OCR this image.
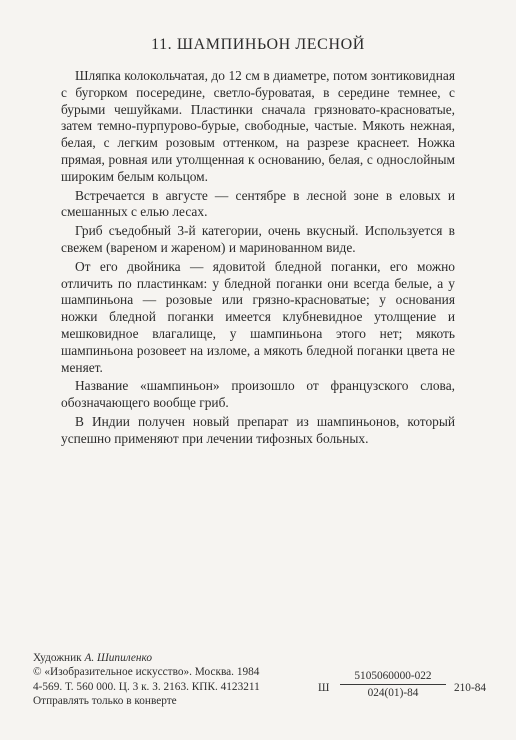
11. ШАМПИНЬОН ЛЕСНОЙ

Шляпка колокольчатая, до 12 см в диаметре, потом зонтиковидная с бугорком посередине, светло-буроватая, в середине темнее, с бурыми чешуйками. Пластинки сначала грязновато-красноватые, затем темно-пурпурово-бурые, свободные, частые. Мякоть нежная, белая, с легким розовым оттенком, на разрезе краснеет. Ножка прямая, ровная или утолщенная к основанию, белая, с однослойным широким белым кольцом.

Встречается в августе — сентябре в лесной зоне в еловых и смешанных с елью лесах.

Гриб съедобный 3-й категории, очень вкусный. Используется в свежем (вареном и жареном) и маринованном виде.

От его двойника — ядовитой бледной поганки, его можно отличить по пластинкам: у бледной поганки они всегда белые, а у шампиньона — розовые или грязно-красноватые; у основания ножки бледной поганки имеется клубневидное утолщение и мешковидное влагалище, у шампиньона этого нет; мякоть шампиньона розовеет на изломе, а мякоть бледной поганки цвета не меняет.

Название «шампиньон» произошло от французского слова, обозначающего вообще гриб.

В Индии получен новый препарат из шампиньонов, который успешно применяют при лечении тифозных больных.

Художник А. Шипиленко
© «Изобразительное искусство». Москва. 1984
4-569. Т. 560 000. Ц. 3 к. З. 2163. КПК. 4123211
Отправлять только в конверте
Ш $\frac{5105060000-022}{024(01)-84} 210-84$
